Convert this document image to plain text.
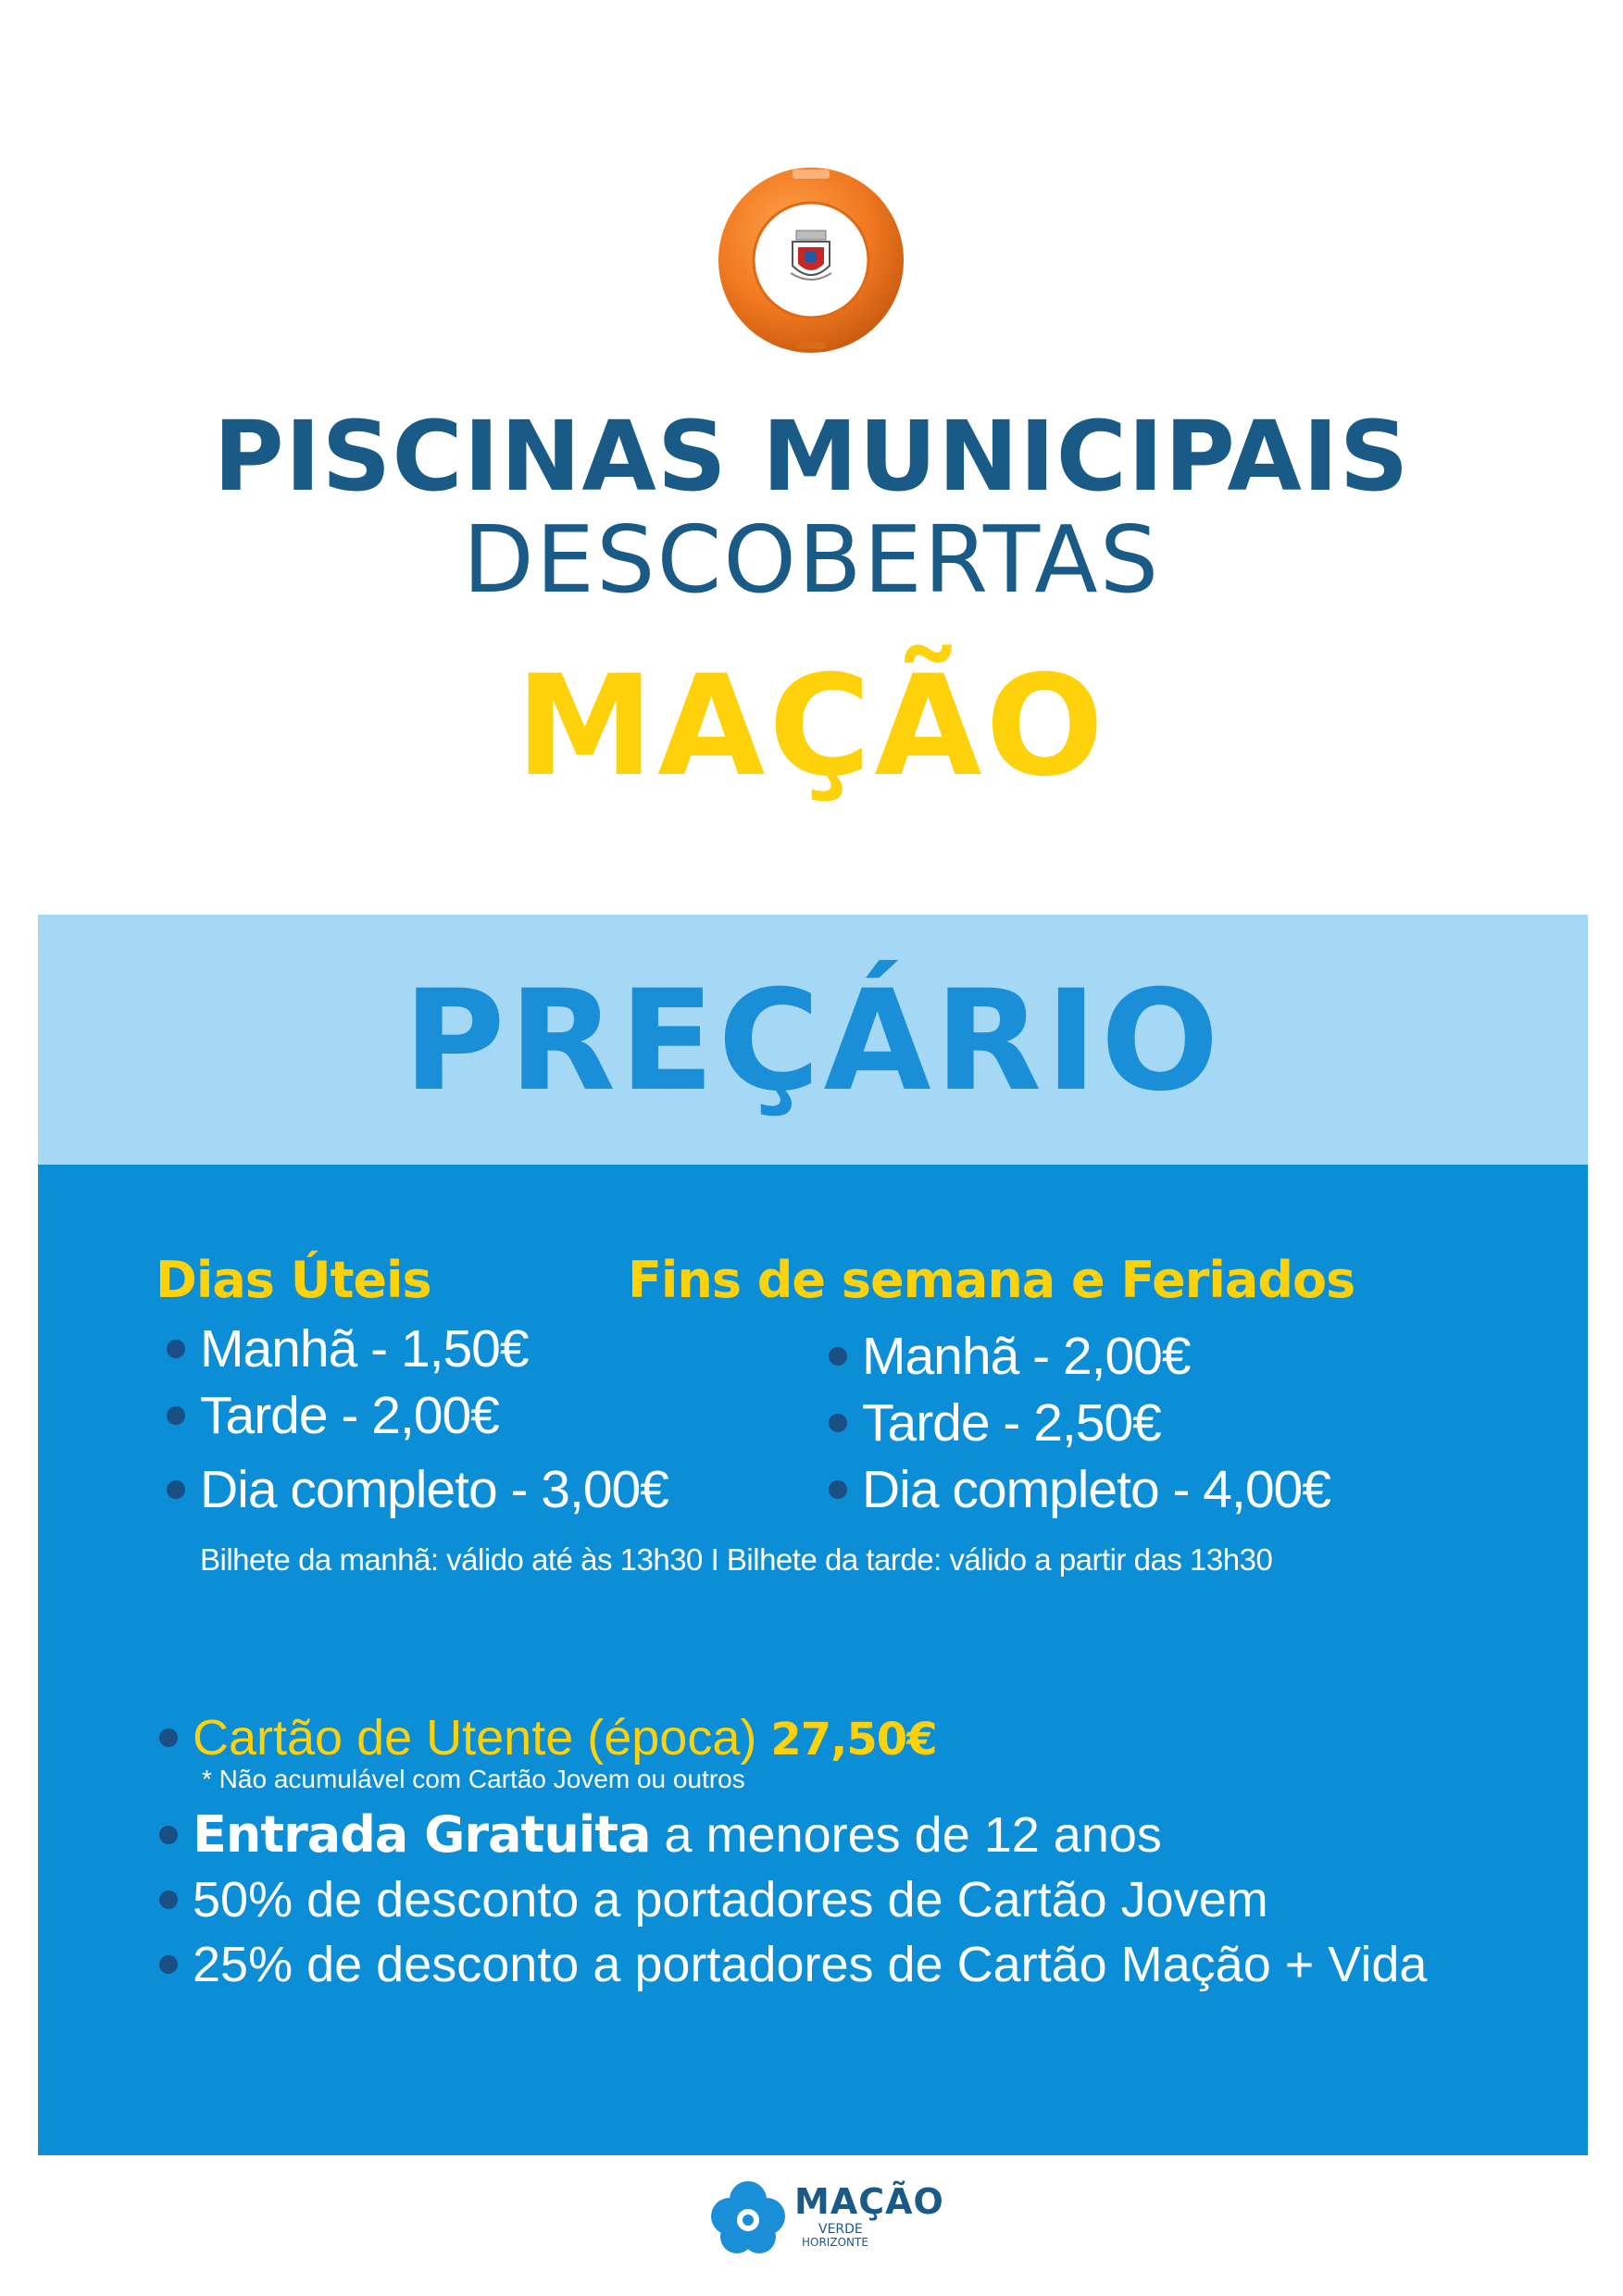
PISCINAS MUNICIPAIS
DESCOBERTAS
MAÇÃO
PREÇÁRIO
Dias Úteis
Manhã - 1,50€
Tarde - 2,00€
Dia completo - 3,00€
Fins de semana e Feriados
Manhã - 2,00€
Tarde - 2,50€
Dia completo - 4,00€
Bilhete da manhã: válido até às 13h30 I Bilhete da tarde: válido a partir das 13h30
Cartão de Utente (época) 27,50€
* Não acumulável com Cartão Jovem ou outros
Entrada Gratuita a menores de 12 anos
50% de desconto a portadores de Cartão Jovem
25% de desconto a portadores de Cartão Mação + Vida
MAÇÃO
VERDE
HORIZONTE
